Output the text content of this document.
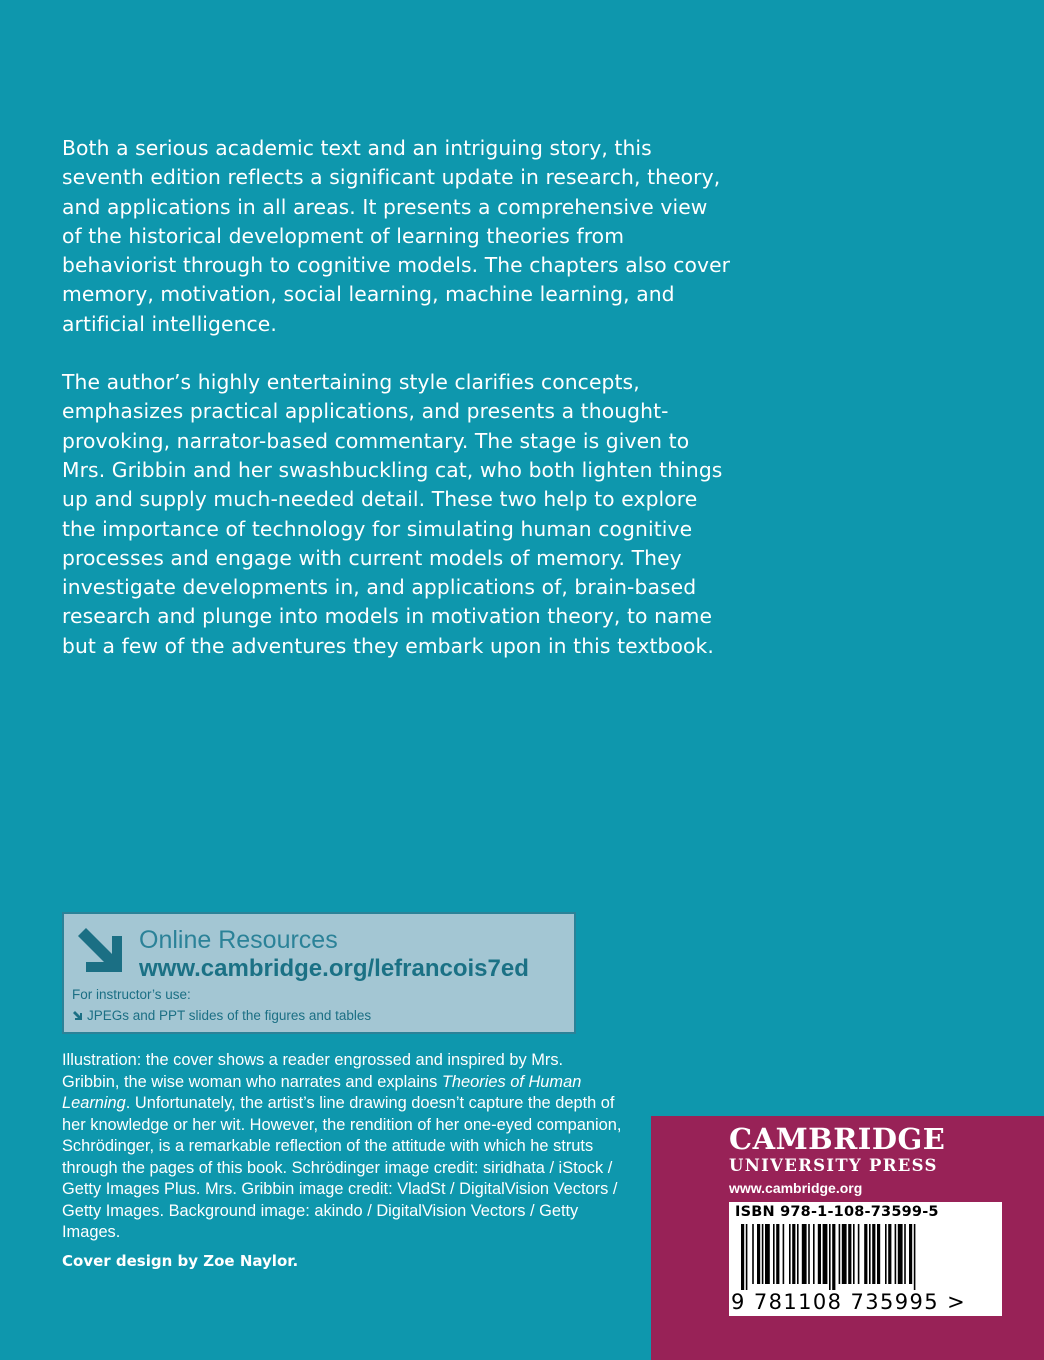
Both a serious academic text and an intriguing story, this seventh edition reflects a significant update in research, theory, and applications in all areas. It presents a comprehensive view of the historical development of learning theories from behaviorist through to cognitive models. The chapters also cover memory, motivation, social learning, machine learning, and artificial intelligence.

The author’s highly entertaining style clarifies concepts, emphasizes practical applications, and presents a thought-provoking, narrator-based commentary. The stage is given to Mrs. Gribbin and her swashbuckling cat, who both lighten things up and supply much-needed detail. These two help to explore the importance of technology for simulating human cognitive processes and engage with current models of memory. They investigate developments in, and applications of, brain-based research and plunge into models in motivation theory, to name but a few of the adventures they embark upon in this textbook.

Online Resources
www.cambridge.org/lefrancois7ed
For instructor’s use:
JPEGs and PPT slides of the figures and tables

Illustration: the cover shows a reader engrossed and inspired by Mrs. Gribbin, the wise woman who narrates and explains Theories of Human Learning. Unfortunately, the artist’s line drawing doesn’t capture the depth of her knowledge or her wit. However, the rendition of her one-eyed companion, Schrödinger, is a remarkable reflection of the attitude with which he struts through the pages of this book. Schrödinger image credit: siridhata / iStock / Getty Images Plus. Mrs. Gribbin image credit: VladSt / DigitalVision Vectors / Getty Images. Background image: akindo / DigitalVision Vectors / Getty Images.

Cover design by Zoe Naylor.
CAMBRIDGE
UNIVERSITY PRESS
www.cambridge.org
ISBN 978-1-108-73599-5
9 781108 735995 >
